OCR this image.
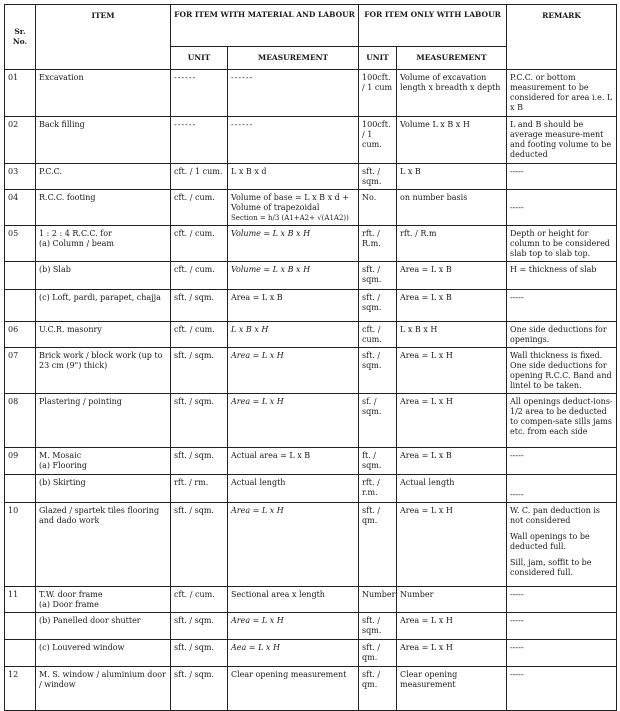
Sr. No.	ITEM	FOR ITEM WITH MATERIAL AND LABOUR		FOR ITEM ONLY WITH LABOUR		REMARK
		UNIT	MEASUREMENT	UNIT	MEASUREMENT	
01	Excavation	------	------	100cft. / 1 cum	Volume of excavation length x breadth x depth	P.C.C. or bottom measurement to be considered for area i.e. L x B
02	Back filling	------	------	100cft. / 1 cum.	Volume L x B x H	L and B should be average measure-ment and footing volume to be deducted
03	P.C.C.	cft. / 1 cum.	L x B x d	sft. / sqm.	L x B	-----
04	R.C.C. footing	cft. / cum.	Volume of base = L x B x d +
Volume of trapezoidal
Section = h/3 (A1+A2+ √(A1A2))	No.	on number basis	-----
05	1 : 2 : 4 R.C.C. for
(a) Column / beam	cft. / cum.	Volume = L x B x H	rft. / R.m.	rft. / R.m	Depth or height for column to be considered slab top to slab top.
	(b) Slab	cft. / cum.	Volume = L x B x H	sft. / sqm.	Area = L x B	H = thickness of slab
	(c) Loft, pardi, parapet, chajja	sft. / sqm.	Area = L x B	sft. / sqm.	Area = L x B	-----
06	U.C.R. masonry	cft. / cum.	L x B x H	cft. / cum.	L x B x H	One side deductions for openings.
07	Brick work / block work (up to 23 cm (9") thick)	sft. / sqm.	Area = L x H	sft. / sqm.	Area = L x H	Wall thickness is fixed. One side deductions for opening R.C.C. Band and lintel to be taken.
08	Plastering / pointing	sft. / sqm.	Area = L x H	sf. / sqm.	Area = L x H	All openings deduct-ions-1/2 area to be deducted to compen-sate sills jams etc. from each side
09	M. Mosaic
(a) Flooring	sft. / sqm.	Actual area = L x B	ft. / sqm.	Area = L x B	-----
	(b) Skirting	rft. / rm.	Actual length	rft. / r.m.	Actual length	-----
10	Glazed / spartek tiles flooring and dado work	sft. / sqm.	Area = L x H	sft. / qm.	Area = L x H	W. C. pan deduction is not considered
Wall openings to be deducted full.
Sill, jam, soffit to be considered full.

11	T.W. door frame
(a) Door frame	cft. / cum.	Sectional area x length	Number	Number	-----
	(b) Panelled door shutter	sft. / sqm.	Area = L x H	sft. / sqm.	Area = L x H	-----
	(c) Louvered window	sft. / sqm.	Aea = L x H	sft. / qm.	Area = L x H	-----
12	M. S. window / aluminium door / window	sft. / sqm.	Clear opening measurement	sft. / qm.	Clear opening measurement	-----
